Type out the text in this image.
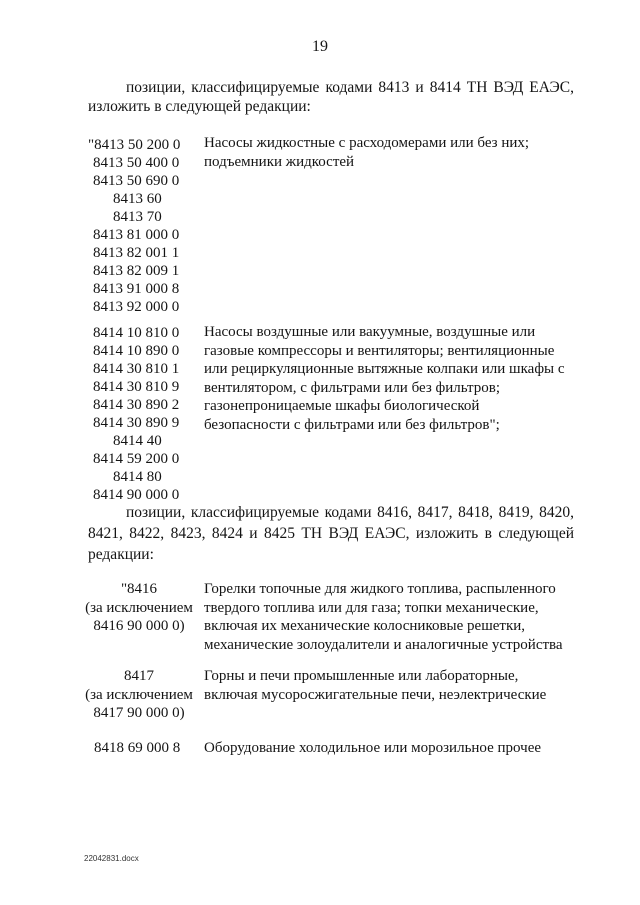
19
позиции, классифицируемые кодами 8413 и 8414 ТН ВЭД ЕАЭС,
изложить в следующей редакции:
"8413 50 200 0
8413 50 400 0
8413 50 690 0
8413 60
8413 70
8413 81 000 0
8413 82 001 1
8413 82 009 1
8413 91 000 8
8413 92 000 0
Насосы жидкостные с расходомерами или без них;
подъемники жидкостей
8414 10 810 0
8414 10 890 0
8414 30 810 1
8414 30 810 9
8414 30 890 2
8414 30 890 9
8414 40
8414 59 200 0
8414 80
8414 90 000 0
Насосы воздушные или вакуумные, воздушные или
газовые компрессоры и вентиляторы; вентиляционные
или рециркуляционные вытяжные колпаки или шкафы с
вентилятором, с фильтрами или без фильтров;
газонепроницаемые шкафы биологической
безопасности с фильтрами или без фильтров";
позиции, классифицируемые кодами 8416, 8417, 8418, 8419, 8420,
8421, 8422, 8423, 8424 и 8425 ТН ВЭД ЕАЭС, изложить в следующей
редакции:
"8416
(за исключением
8416 90 000 0)
Горелки топочные для жидкого топлива, распыленного
твердого топлива или для газа; топки механические,
включая их механические колосниковые решетки,
механические золоудалители и аналогичные устройства
8417
(за исключением
8417 90 000 0)
Горны и печи промышленные или лабораторные,
включая мусоросжигательные печи, неэлектрические
8418 69 000 8 Оборудование холодильное или морозильное прочее
22042831.docx
